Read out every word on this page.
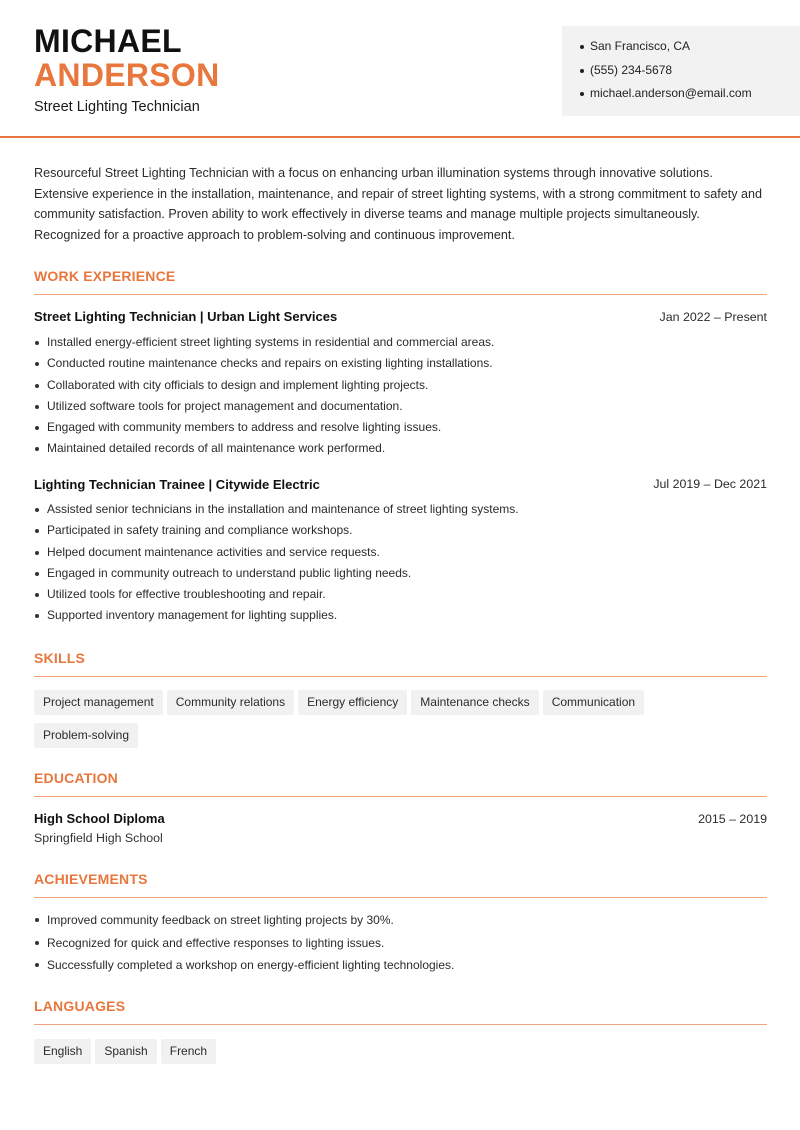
MICHAEL
ANDERSON
Street Lighting Technician
San Francisco, CA
(555) 234-5678
michael.anderson@email.com
Resourceful Street Lighting Technician with a focus on enhancing urban illumination systems through innovative solutions. Extensive experience in the installation, maintenance, and repair of street lighting systems, with a strong commitment to safety and community satisfaction. Proven ability to work effectively in diverse teams and manage multiple projects simultaneously. Recognized for a proactive approach to problem-solving and continuous improvement.
WORK EXPERIENCE
Street Lighting Technician | Urban Light Services	Jan 2022 – Present
Installed energy-efficient street lighting systems in residential and commercial areas.
Conducted routine maintenance checks and repairs on existing lighting installations.
Collaborated with city officials to design and implement lighting projects.
Utilized software tools for project management and documentation.
Engaged with community members to address and resolve lighting issues.
Maintained detailed records of all maintenance work performed.
Lighting Technician Trainee | Citywide Electric	Jul 2019 – Dec 2021
Assisted senior technicians in the installation and maintenance of street lighting systems.
Participated in safety training and compliance workshops.
Helped document maintenance activities and service requests.
Engaged in community outreach to understand public lighting needs.
Utilized tools for effective troubleshooting and repair.
Supported inventory management for lighting supplies.
SKILLS
Project management Community relations Energy efficiency Maintenance checks Communication
Problem-solving
EDUCATION
High School Diploma	2015 – 2019
Springfield High School
ACHIEVEMENTS
Improved community feedback on street lighting projects by 30%.
Recognized for quick and effective responses to lighting issues.
Successfully completed a workshop on energy-efficient lighting technologies.
LANGUAGES
English Spanish French
